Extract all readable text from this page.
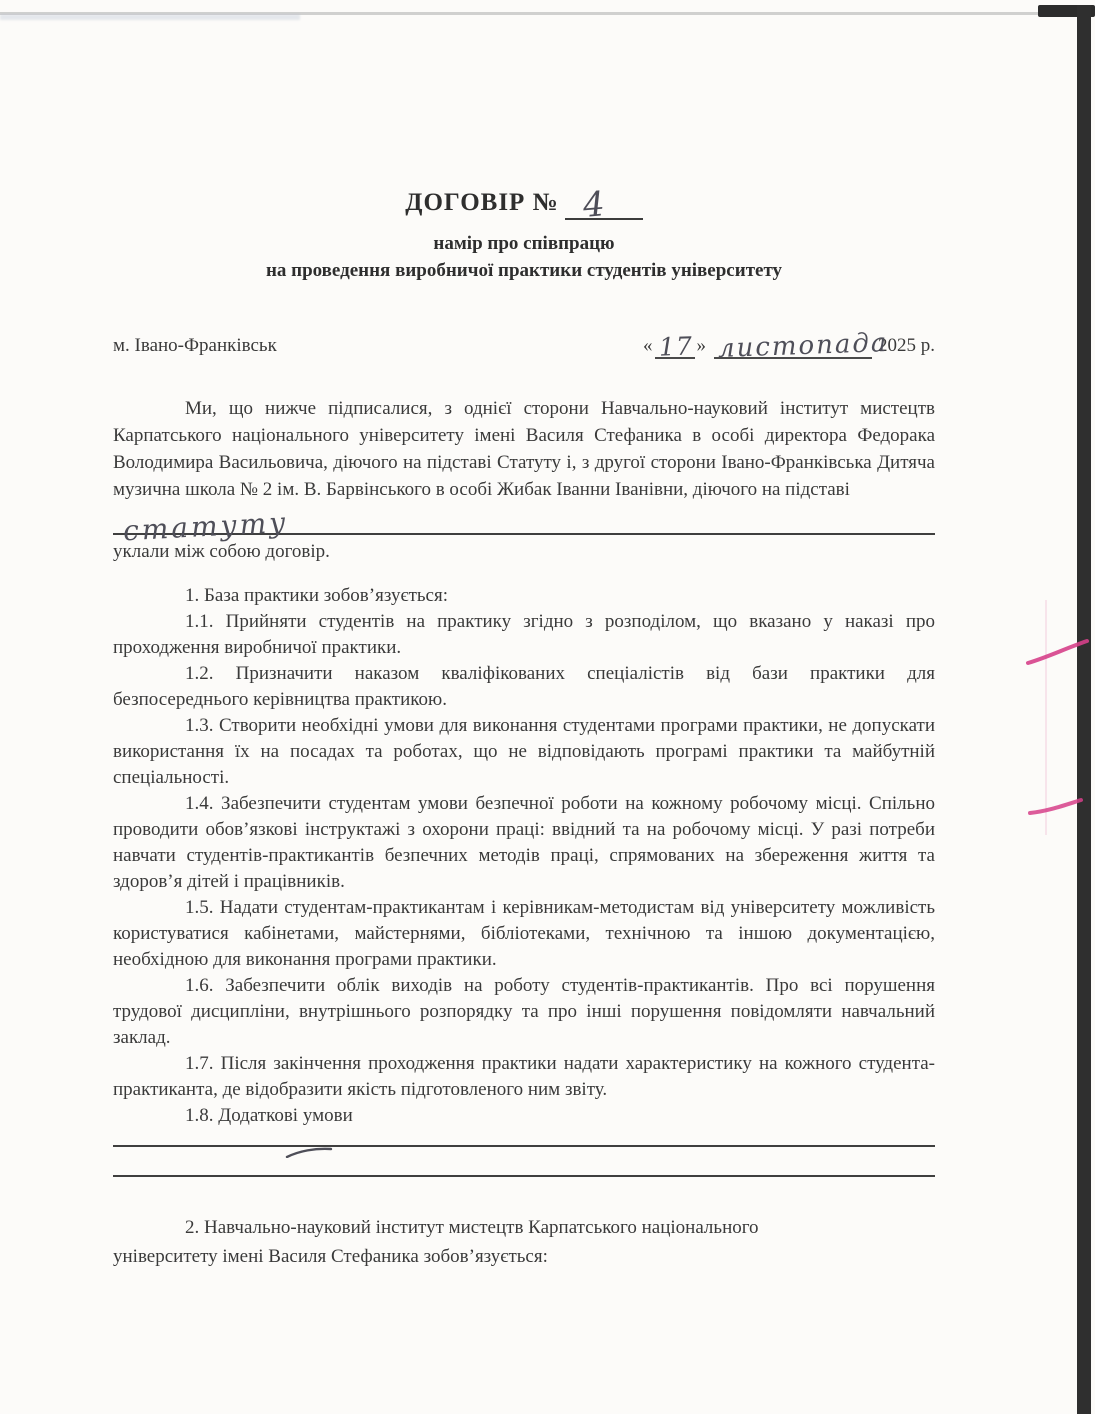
ДОГОВІР № 4
намір про співпрацю
на проведення виробничої практики студентів університету
м. Івано-Франківськ	« 17 » листопада
2025 р.

Ми, що нижче підписалися, з однієї сторони Навчально-науковий інститут мистецтв Карпатського національного університету імені Василя Стефаника в особі директора Федорака Володимира Васильовича, діючого на підставі Статуту і, з другої сторони Івано-Франківська Дитяча музична школа № 2 ім. В. Барвінського в особі Жибак Іванни Іванівни, діючого на підставі

статуту

уклали між собою договір.

1. База практики зобов’язується:

1.1. Прийняти студентів на практику згідно з розподілом, що вказано у наказі про проходження виробничої практики.

1.2. Призначити наказом кваліфікованих спеціалістів від бази практики для безпосереднього керівництва практикою.

1.3. Створити необхідні умови для виконання студентами програми практики, не допускати використання їх на посадах та роботах, що не відповідають програмі практики та майбутній спеціальності.

1.4. Забезпечити студентам умови безпечної роботи на кожному робочому місці. Спільно проводити обов’язкові інструктажі з охорони праці: ввідний та на робочому місці. У разі потреби навчати студентів-практикантів безпечних методів праці, спрямованих на збереження життя та здоров’я дітей і працівників.

1.5. Надати студентам-практикантам і керівникам-методистам від університету можливість користуватися кабінетами, майстернями, бібліотеками, технічною та іншою документацією, необхідною для виконання програми практики.

1.6. Забезпечити облік виходів на роботу студентів-практикантів. Про всі порушення трудової дисципліни, внутрішнього розпорядку та про інші порушення повідомляти навчальний заклад.

1.7. Після закінчення проходження практики надати характеристику на кожного студента-практиканта, де відобразити якість підготовленого ним звіту.

1.8. Додаткові умови

2. Навчально-науковий інститут мистецтв Карпатського національного
університету імені Василя Стефаника зобов’язується:
